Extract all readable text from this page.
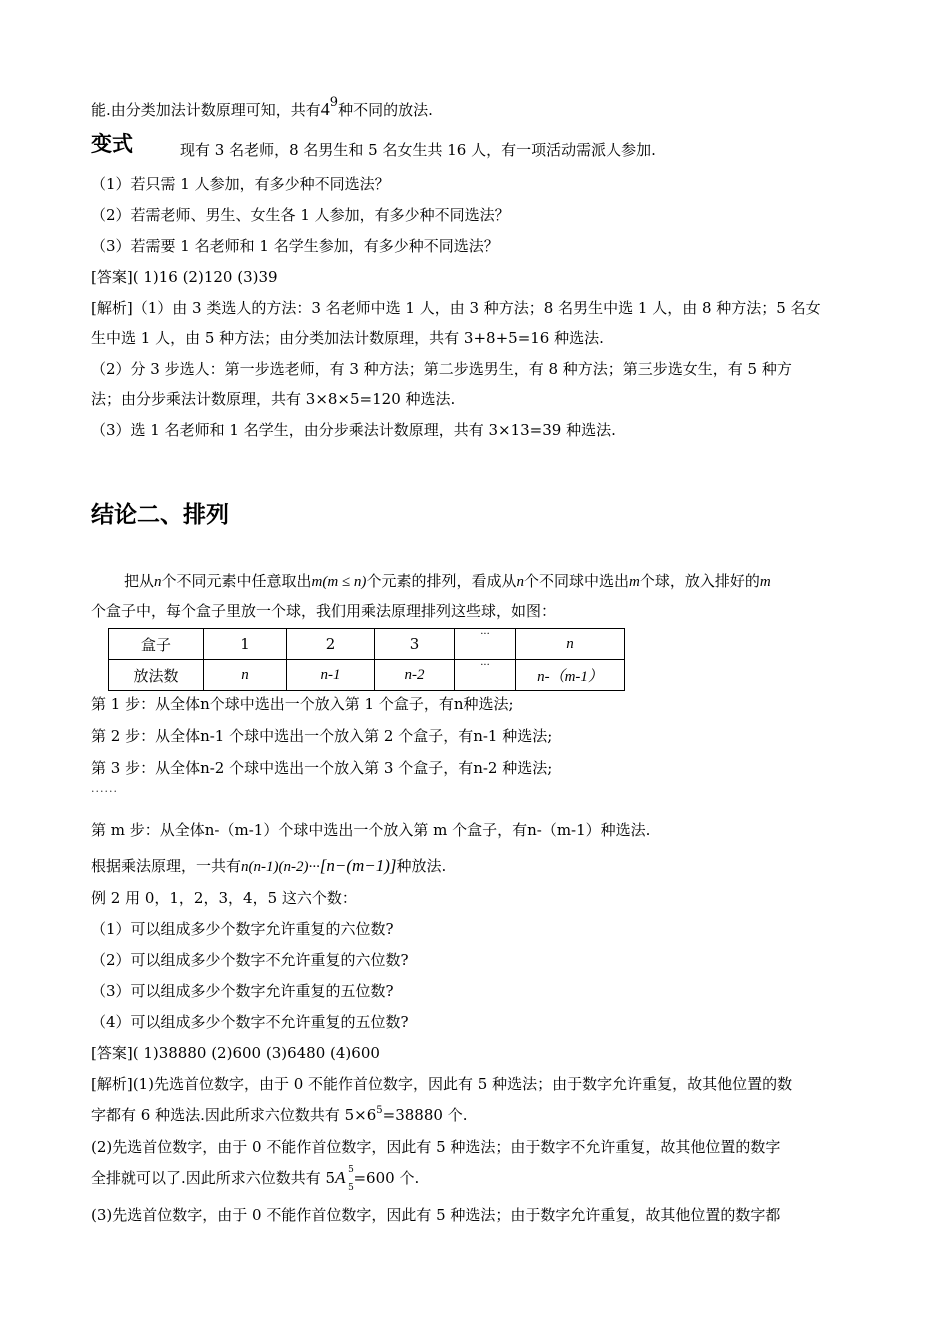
能.由分类加法计数原理可知，共有49种不同的放法.
变式	现有 3 名老师，8 名男生和 5 名女生共 16 人，有一项活动需派人参加.
（1）若只需 1 人参加，有多少种不同选法？
（2）若需老师、男生、女生各 1 人参加，有多少种不同选法？
（3）若需要 1 名老师和 1 名学生参加，有多少种不同选法？
[答案]( 1)16 (2)120 (3)39
[解析]（1）由 3 类选人的方法：3 名老师中选 1 人，由 3 种方法；8 名男生中选 1 人，由 8 种方法；5 名女
生中选 1 人，由 5 种方法；由分类加法计数原理，共有 3+8+5=16 种选法.
（2）分 3 步选人：第一步选老师，有 3 种方法；第二步选男生，有 8 种方法；第三步选女生，有 5 种方
法；由分步乘法计数原理，共有 3×8×5=120 种选法.
（3）选 1 名老师和 1 名学生，由分步乘法计数原理，共有 3×13=39 种选法.
结论二、排列
把从n个不同元素中任意取出m(m ≤ n)个元素的排列，看成从n个不同球中选出m个球，放入排好的m
个盒子中，每个盒子里放一个球，我们用乘法原理排列这些球，如图：
盒子	1	2	3	···	n
放法数	n	n-1	n-2	···	n-（m-1）
第 1 步：从全体n个球中选出一个放入第 1 个盒子，有n种选法;
第 2 步：从全体n-1 个球中选出一个放入第 2 个盒子，有n-1 种选法;
第 3 步：从全体n-2 个球中选出一个放入第 3 个盒子，有n-2 种选法;
······
第 m 步：从全体n-（m-1）个球中选出一个放入第 m 个盒子，有n-（m-1）种选法.
根据乘法原理，一共有n(n-1)(n-2)···[n−(m−1)]种放法.
例 2 用 0，1，2，3，4，5 这六个数：
（1）可以组成多少个数字允许重复的六位数?
（2）可以组成多少个数字不允许重复的六位数?
（3）可以组成多少个数字允许重复的五位数?
（4）可以组成多少个数字不允许重复的五位数?
[答案]( 1)38880 (2)600 (3)6480 (4)600
[解析](1)先选首位数字，由于 0 不能作首位数字，因此有 5 种选法；由于数字允许重复，故其他位置的数
字都有 6 种选法.因此所求六位数共有 $5\times 6^5=38880$ 个.
(2)先选首位数字，由于 0 不能作首位数字，因此有 5 种选法；由于数字不允许重复，故其他位置的数字
全排就可以了.因此所求六位数共有 5A 5
5
=600 个.
(3)先选首位数字，由于 0 不能作首位数字，因此有 5 种选法；由于数字允许重复，故其他位置的数字都
